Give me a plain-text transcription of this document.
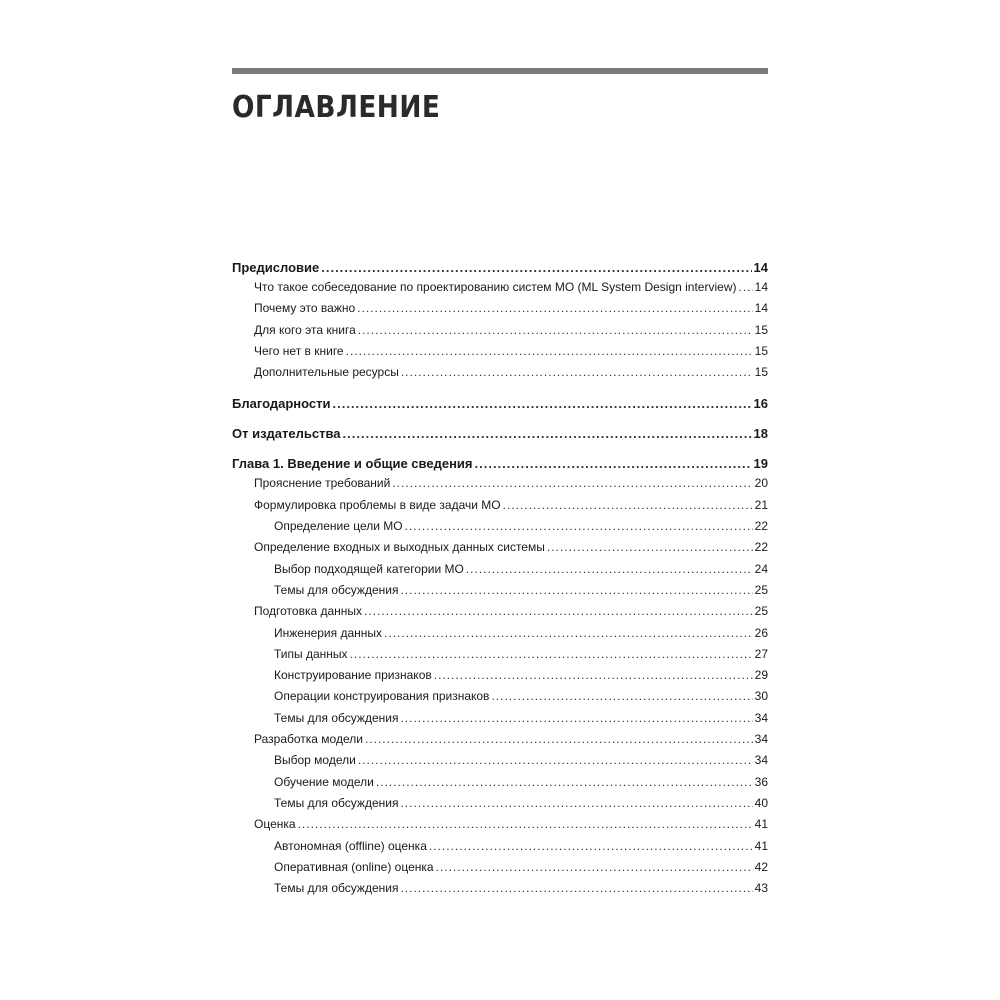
ОГЛАВЛЕНИЕ
Предисловие .....	14
Что такое собеседование по проектированию систем МО (ML System Design interview) ..... 14
Почему это важно .....	14
Для кого эта книга .....	15
Чего нет в книге .....	15
Дополнительные ресурсы .....	15
Благодарности .....	16
От издательства .....	18
Глава 1. Введение и общие сведения .....	19
Прояснение требований .....	20
Формулировка проблемы в виде задачи МО .....	21
Определение цели МО .....	22
Определение входных и выходных данных системы .....	22
Выбор подходящей категории МО .....	24
Темы для обсуждения .....	25
Подготовка данных .....	25
Инженерия данных .....	26
Типы данных .....	27
Конструирование признаков .....	29
Операции конструирования признаков .....	30
Темы для обсуждения .....	34
Разработка модели .....	34
Выбор модели .....	34
Обучение модели .....	36
Темы для обсуждения .....	40
Оценка .....	41
Автономная (offline) оценка .....	41
Оперативная (online) оценка .....	42
Темы для обсуждения .....	43
